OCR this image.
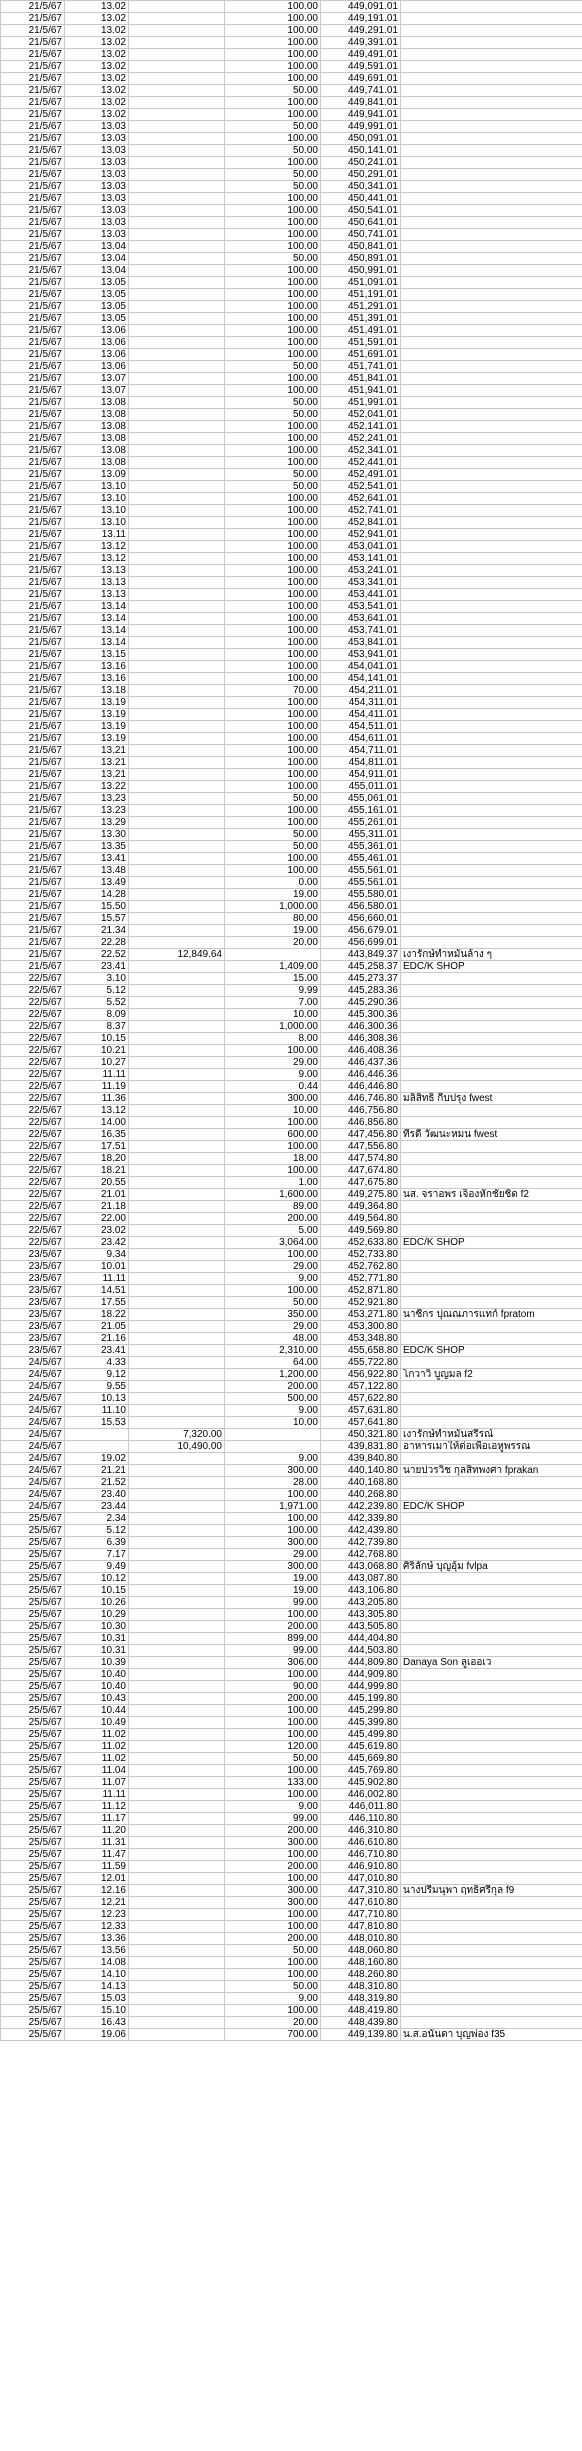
21/5/67	13.02		100.00	449,091.01	
21/5/67	13.02		100.00	449,191.01	
21/5/67	13.02		100.00	449,291.01	
21/5/67	13.02		100.00	449,391.01	
21/5/67	13.02		100.00	449,491.01	
21/5/67	13.02		100.00	449,591.01	
21/5/67	13.02		100.00	449,691.01	
21/5/67	13.02		50.00	449,741.01	
21/5/67	13.02		100.00	449,841.01	
21/5/67	13.02		100.00	449,941.01	
21/5/67	13.03		50.00	449,991.01	
21/5/67	13.03		100.00	450,091.01	
21/5/67	13.03		50.00	450,141.01	
21/5/67	13.03		100.00	450,241.01	
21/5/67	13.03		50.00	450,291.01	
21/5/67	13.03		50.00	450,341.01	
21/5/67	13.03		100.00	450,441.01	
21/5/67	13.03		100.00	450,541.01	
21/5/67	13.03		100.00	450,641.01	
21/5/67	13.03		100.00	450,741.01	
21/5/67	13.04		100.00	450,841.01	
21/5/67	13.04		50.00	450,891.01	
21/5/67	13.04		100.00	450,991.01	
21/5/67	13.05		100.00	451,091.01	
21/5/67	13.05		100.00	451,191.01	
21/5/67	13.05		100.00	451,291.01	
21/5/67	13.05		100.00	451,391.01	
21/5/67	13.06		100.00	451,491.01	
21/5/67	13.06		100.00	451,591.01	
21/5/67	13.06		100.00	451,691.01	
21/5/67	13.06		50.00	451,741.01	
21/5/67	13.07		100.00	451,841.01	
21/5/67	13.07		100.00	451,941.01	
21/5/67	13.08		50.00	451,991.01	
21/5/67	13.08		50.00	452,041.01	
21/5/67	13.08		100.00	452,141.01	
21/5/67	13.08		100.00	452,241.01	
21/5/67	13.08		100.00	452,341.01	
21/5/67	13.08		100.00	452,441.01	
21/5/67	13.09		50.00	452,491.01	
21/5/67	13.10		50.00	452,541.01	
21/5/67	13.10		100.00	452,641.01	
21/5/67	13.10		100.00	452,741.01	
21/5/67	13.10		100.00	452,841.01	
21/5/67	13.11		100.00	452,941.01	
21/5/67	13.12		100.00	453,041.01	
21/5/67	13.12		100.00	453,141.01	
21/5/67	13.13		100.00	453,241.01	
21/5/67	13.13		100.00	453,341.01	
21/5/67	13.13		100.00	453,441.01	
21/5/67	13.14		100.00	453,541.01	
21/5/67	13.14		100.00	453,641.01	
21/5/67	13.14		100.00	453,741.01	
21/5/67	13.14		100.00	453,841.01	
21/5/67	13.15		100.00	453,941.01	
21/5/67	13.16		100.00	454,041.01	
21/5/67	13.16		100.00	454,141.01	
21/5/67	13.18		70.00	454,211.01	
21/5/67	13.19		100.00	454,311.01	
21/5/67	13.19		100.00	454,411.01	
21/5/67	13.19		100.00	454,511.01	
21/5/67	13.19		100.00	454,611.01	
21/5/67	13.21		100.00	454,711.01	
21/5/67	13.21		100.00	454,811.01	
21/5/67	13.21		100.00	454,911.01	
21/5/67	13.22		100.00	455,011.01	
21/5/67	13.23		50.00	455,061.01	
21/5/67	13.23		100.00	455,161.01	
21/5/67	13.29		100.00	455,261.01	
21/5/67	13.30		50.00	455,311.01	
21/5/67	13.35		50.00	455,361.01	
21/5/67	13.41		100.00	455,461.01	
21/5/67	13.48		100.00	455,561.01	
21/5/67	13.49		0.00	455,561.01	
21/5/67	14.28		19.00	455,580.01	
21/5/67	15.50		1,000.00	456,580.01	
21/5/67	15.57		80.00	456,660.01	
21/5/67	21.34		19.00	456,679.01	
21/5/67	22.28		20.00	456,699.01	
21/5/67	22.52	12,849.64		443,849.37	เงารักษ์ทำหมันล้าง ๆ
21/5/67	23.41		1,409.00	445,258.37	EDC/K SHOP
22/5/67	3.10		15.00	445,273.37	
22/5/67	5.12		9.99	445,283.36	
22/5/67	5.52		7.00	445,290.36	
22/5/67	8.09		10.00	445,300.36	
22/5/67	8.37		1,000.00	446,300.36	
22/5/67	10.15		8.00	446,308.36	
22/5/67	10.21		100.00	446,408.36	
22/5/67	10.27		29.00	446,437.36	
22/5/67	11.11		9.00	446,446.36	
22/5/67	11.19		0.44	446,446.80	
22/5/67	11.36		300.00	446,746.80	มลิสิทธิ์ กีบปรุง fwest
22/5/67	13.12		10.00	446,756.80	
22/5/67	14.00		100.00	446,856.80	
22/5/67	16.35		600.00	447,456.80	ทีรดี วัฒนะหมน fwest
22/5/67	17.51		100.00	447,556.80	
22/5/67	18.20		18.00	447,574.80	
22/5/67	18.21		100.00	447,674.80	
22/5/67	20.55		1.00	447,675.80	
22/5/67	21.01		1,600.00	449,275.80	นส. จราอพร เจ็องหักชัยชิด f2
22/5/67	21.18		89.00	449,364.80	
22/5/67	22.00		200.00	449,564.80	
22/5/67	23.02		5.00	449,569.80	
22/5/67	23.42		3,064.00	452,633.80	EDC/K SHOP
23/5/67	9.34		100.00	452,733.80	
23/5/67	10.01		29.00	452,762.80	
23/5/67	11.11		9.00	452,771.80	
23/5/67	14.51		100.00	452,871.80	
23/5/67	17.55		50.00	452,921.80	
23/5/67	18.22		350.00	453,271.80	นาซีกร ปุณณภารแทก์ fpratom
23/5/67	21.05		29.00	453,300.80	
23/5/67	21.16		48.00	453,348.80	
23/5/67	23.41		2,310.00	455,658.80	EDC/K SHOP
24/5/67	4.33		64.00	455,722.80	
24/5/67	9.12		1,200.00	456,922.80	โกวาวิ บูญมล f2
24/5/67	9.55		200.00	457,122.80	
24/5/67	10.13		500.00	457,622.80	
24/5/67	11.10		9.00	457,631.80	
24/5/67	15.53		10.00	457,641.80	
24/5/67		7,320.00		450,321.80	เงารักษ์ทำหมันสรีรณ์
24/5/67		10,490.00		439,831.80	อาหารเมาให้ต่อเพื่อเอหูพรรณ
24/5/67	19.02		9.00	439,840.80	
24/5/67	21.21		300.00	440,140.80	นายปวรวิช กุลสิทพงศา fprakan
24/5/67	21.52		28.00	440,168.80	
24/5/67	23.40		100.00	440,268.80	
24/5/67	23.44		1,971.00	442,239.80	EDC/K SHOP
25/5/67	2.34		100.00	442,339.80	
25/5/67	5.12		100.00	442,439.80	
25/5/67	6.39		300.00	442,739.80	
25/5/67	7.17		29.00	442,768.80	
25/5/67	9.49		300.00	443,068.80	ศิริลักษ์ บุญอุ้ม fvlpa
25/5/67	10.12		19.00	443,087.80	
25/5/67	10.15		19.00	443,106.80	
25/5/67	10.26		99.00	443,205.80	
25/5/67	10.29		100.00	443,305.80	
25/5/67	10.30		200.00	443,505.80	
25/5/67	10.31		899.00	444,404.80	
25/5/67	10.31		99.00	444,503.80	
25/5/67	10.39		306.00	444,809.80	Danaya Son ลูเออเว
25/5/67	10.40		100.00	444,909.80	
25/5/67	10.40		90.00	444,999.80	
25/5/67	10.43		200.00	445,199.80	
25/5/67	10.44		100.00	445,299.80	
25/5/67	10.49		100.00	445,399.80	
25/5/67	11.02		100.00	445,499.80	
25/5/67	11.02		120.00	445,619.80	
25/5/67	11.02		50.00	445,669.80	
25/5/67	11.04		100.00	445,769.80	
25/5/67	11.07		133.00	445,902.80	
25/5/67	11.11		100.00	446,002.80	
25/5/67	11.12		9.00	446,011.80	
25/5/67	11.17		99.00	446,110.80	
25/5/67	11.20		200.00	446,310.80	
25/5/67	11.31		300.00	446,610.80	
25/5/67	11.47		100.00	446,710.80	
25/5/67	11.59		200.00	446,910.80	
25/5/67	12.01		100.00	447,010.80	
25/5/67	12.16		300.00	447,310.80	นางปรีมนุพา ฤทธิ์ศรีกุล f9
25/5/67	12.21		300.00	447,610.80	
25/5/67	12.23		100.00	447,710.80	
25/5/67	12.33		100.00	447,810.80	
25/5/67	13.36		200.00	448,010.80	
25/5/67	13.56		50.00	448,060.80	
25/5/67	14.08		100.00	448,160.80	
25/5/67	14.10		100.00	448,260.80	
25/5/67	14.13		50.00	448,310.80	
25/5/67	15.03		9.00	448,319.80	
25/5/67	15.10		100.00	448,419.80	
25/5/67	16.43		20.00	448,439.80	
25/5/67	19.06		700.00	449,139.80	น.ส.อนันดา บุญพ่อง f35
